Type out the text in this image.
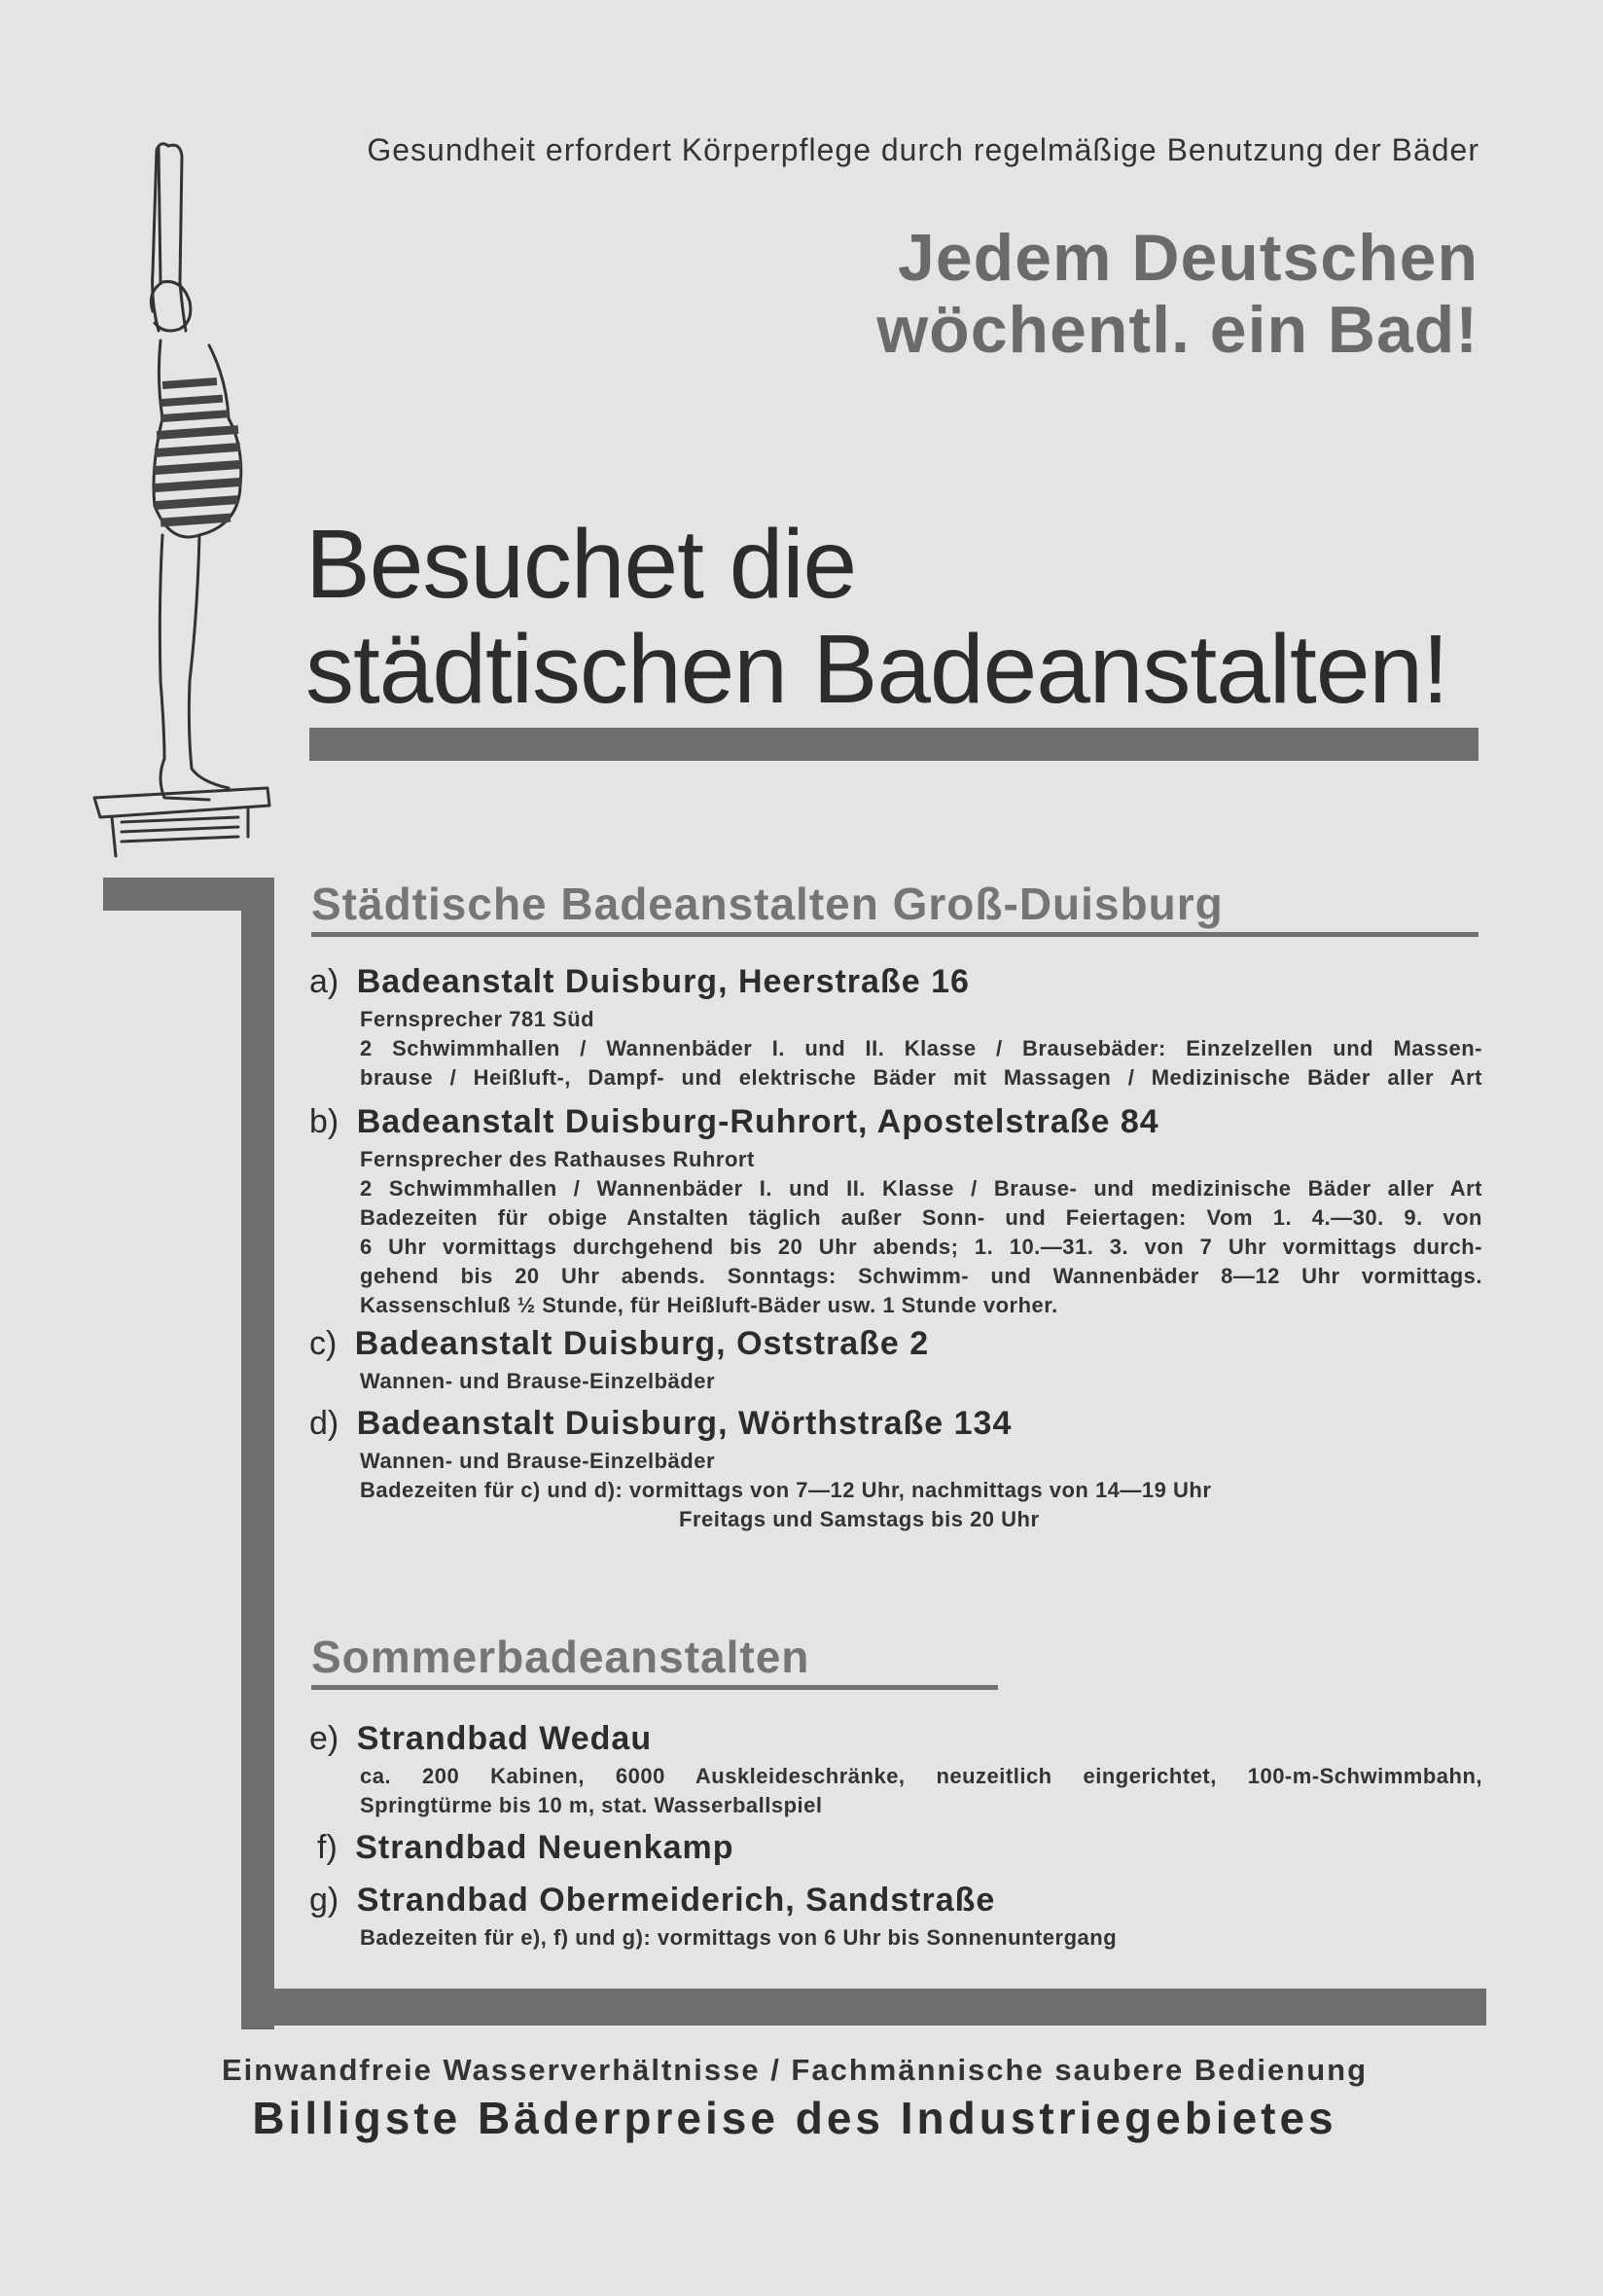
Gesundheit erfordert Körperpflege durch regelmäßige Benutzung der Bäder
Jedem Deutschen
wöchentl. ein Bad!
Besuchet die
städtischen Badeanstalten!
Städtische Badeanstalten Groß-Duisburg
a) Badeanstalt Duisburg, Heerstraße 16
Fernsprecher 781 Süd
2 Schwimmhallen / Wannenbäder I. und II. Klasse / Brausebäder: Einzelzellen und Massen-
brause / Heißluft-, Dampf- und elektrische Bäder mit Massagen / Medizinische Bäder aller Art
b) Badeanstalt Duisburg-Ruhrort, Apostelstraße 84
Fernsprecher des Rathauses Ruhrort
2 Schwimmhallen / Wannenbäder I. und II. Klasse / Brause- und medizinische Bäder aller Art
Badezeiten für obige Anstalten täglich außer Sonn- und Feiertagen: Vom 1. 4.—30. 9. von
6 Uhr vormittags durchgehend bis 20 Uhr abends; 1. 10.—31. 3. von 7 Uhr vormittags durch-
gehend bis 20 Uhr abends. Sonntags: Schwimm- und Wannenbäder 8—12 Uhr vormittags.
Kassenschluß ½ Stunde, für Heißluft-Bäder usw. 1 Stunde vorher.
c) Badeanstalt Duisburg, Oststraße 2
Wannen- und Brause-Einzelbäder
d) Badeanstalt Duisburg, Wörthstraße 134
Wannen- und Brause-Einzelbäder
Badezeiten für c) und d): vormittags von 7—12 Uhr, nachmittags von 14—19 Uhr
Freitags und Samstags bis 20 Uhr
Sommerbadeanstalten
e) Strandbad Wedau
ca. 200 Kabinen, 6000 Auskleideschränke, neuzeitlich eingerichtet, 100-m-Schwimmbahn,
Springtürme bis 10 m, stat. Wasserballspiel
f) Strandbad Neuenkamp
g) Strandbad Obermeiderich, Sandstraße
Badezeiten für e), f) und g): vormittags von 6 Uhr bis Sonnenuntergang
Einwandfreie Wasserverhältnisse / Fachmännische saubere Bedienung
Billigste Bäderpreise des Industriegebietes
